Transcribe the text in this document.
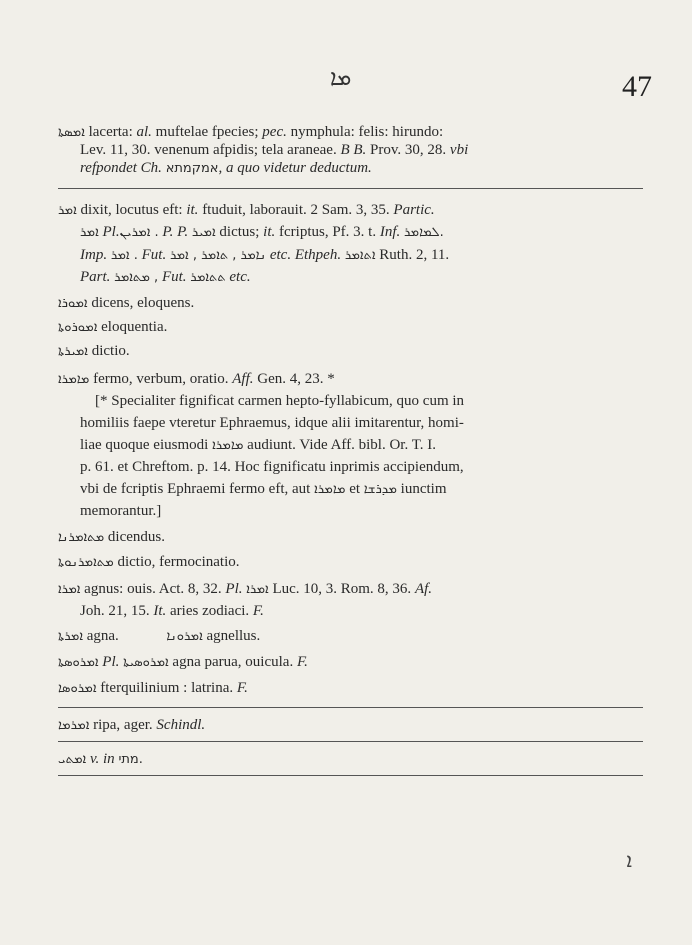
ܡܐ	47
ܐܡܣܬܐ lacerta: al. muftelae fpecies; pec. nymphula: felis: hirundo:
Lev. 11, 30. venenum afpidis; tela araneae. B B. Prov. 30, 28. vbi
refpondet Ch. אמקמתא, a quo videtur deductum.
ܐܡܪ dixit, locutus eft: it. ftuduit, laborauit. 2 Sam. 3, 35. Partic.
ܐܡܪ Pl.ܐܡܪܝܢ . P. P. ܐܡܝܪ dictus; it. fcriptus, Pf. 3. t. Inf. ܠܡܐܡܪ.
Imp. ܐܡܪ . Fut. ܢܐܡܪ , ܬܐܡܪ , ܐܡܪ etc. Ethpeh. ܐܬܐܡܪ Ruth. 2, 11.
Part. ܡܬܐܡܪ , Fut. ܬܬܐܡܪ etc.
ܐܡܘܪܐ dicens, eloquens.
ܐܡܘܪܘܬܐ eloquentia.
ܐܡܝܪܬܐ dictio.
ܡܐܡܪܐ fermo, verbum, oratio. Aff. Gen. 4, 23. *
[* Specialiter fignificat carmen hepto-fyllabicum, quo cum in
homiliis faepe vteretur Ephraemus, idque alii imitarentur, homi-
liae quoque eiusmodi ܡܐܡܪܐ audiunt. Vide Aff. bibl. Or. T. I.
p. 61. et Chreftom. p. 14. Hoc fignificatu inprimis accipiendum,
vbi de fcriptis Ephraemi fermo eft, aut ܡܐܡܪܐ et ܡܕܪܫܐ iunctim
memorantur.]
ܡܬܐܡܪܢܐ dicendus.
ܡܬܐܡܪܢܘܬܐ dictio, fermocinatio.
ܐܡܪܐ agnus: ouis. Act. 8, 32. Pl. ܐܡܪܐ Luc. 10, 3. Rom. 8, 36. Af.
Joh. 21, 15. It. aries zodiaci. F.
ܐܡܪܬܐ agna.	ܐܡܪܘܢܐ agnellus.
ܐܡܪܘܣܬܐ Pl. ܐܡܪܘܣܝܬܐ agna parua, ouicula. F.
ܐܡܪܘܣܐ fterquilinium : latrina. F.
ܐܡܪܡܐ ripa, ager. Schindl.
ܐܡܬܝ v. in מתי.
ܐ
